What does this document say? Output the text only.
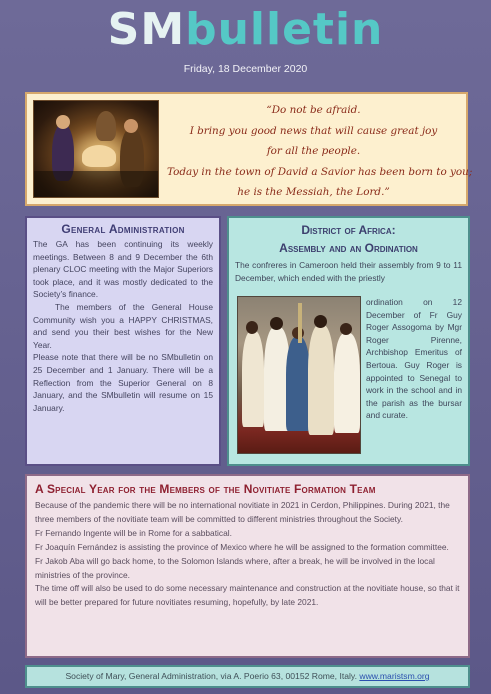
SMbulletin
Friday, 18 December 2020
“Do not be afraid.
I bring you good news that will cause great joy
for all the people.
Today in the town of David a Savior has been born to you;
he is the Messiah, the Lord.”
General Administration

The GA has been continuing its weekly meetings. Between 8 and 9 December the 6th plenary CLOC meeting with the Major Superiors took place, and it was mostly dedicated to the Society’s finance.

The members of the General House Community wish you a HAPPY CHRISTMAS, and send you their best wishes for the New Year.

Please note that there will be no SMbulletin on 25 December and 1 January. There will be a Reflection from the Superior General on 8 January, and the SMbulletin will resume on 15 January.

District of Africa:
Assembly and an Ordination
The confreres in Cameroon held their assembly from 9 to 11 December, which ended with the priestly
ordination on 12 December of Fr Guy Roger Assogoma by Mgr Roger Pirenne, Archbishop Emeritus of Bertoua. Guy Roger is appointed to Senegal to work in the school and in the parish as the bursar and curate.
A Special Year for the Members of the Novitiate Formation Team

Because of the pandemic there will be no international novitiate in 2021 in Cerdon, Philippines. During 2021, the three members of the novitiate team will be committed to different ministries throughout the Society.

Fr Fernando Ingente will be in Rome for a sabbatical.

Fr Joaquín Fernández is assisting the province of Mexico where he will be assigned to the formation committee.

Fr Jakob Aba will go back home, to the Solomon Islands where, after a break, he will be involved in the local ministries of the province.

The time off will also be used to do some necessary maintenance and construction at the novitiate house, so that it will be better prepared for future novitiates resuming, hopefully, by late 2021.

Society of Mary, General Administration, via A. Poerio 63, 00152 Rome, Italy. www.maristsm.org
